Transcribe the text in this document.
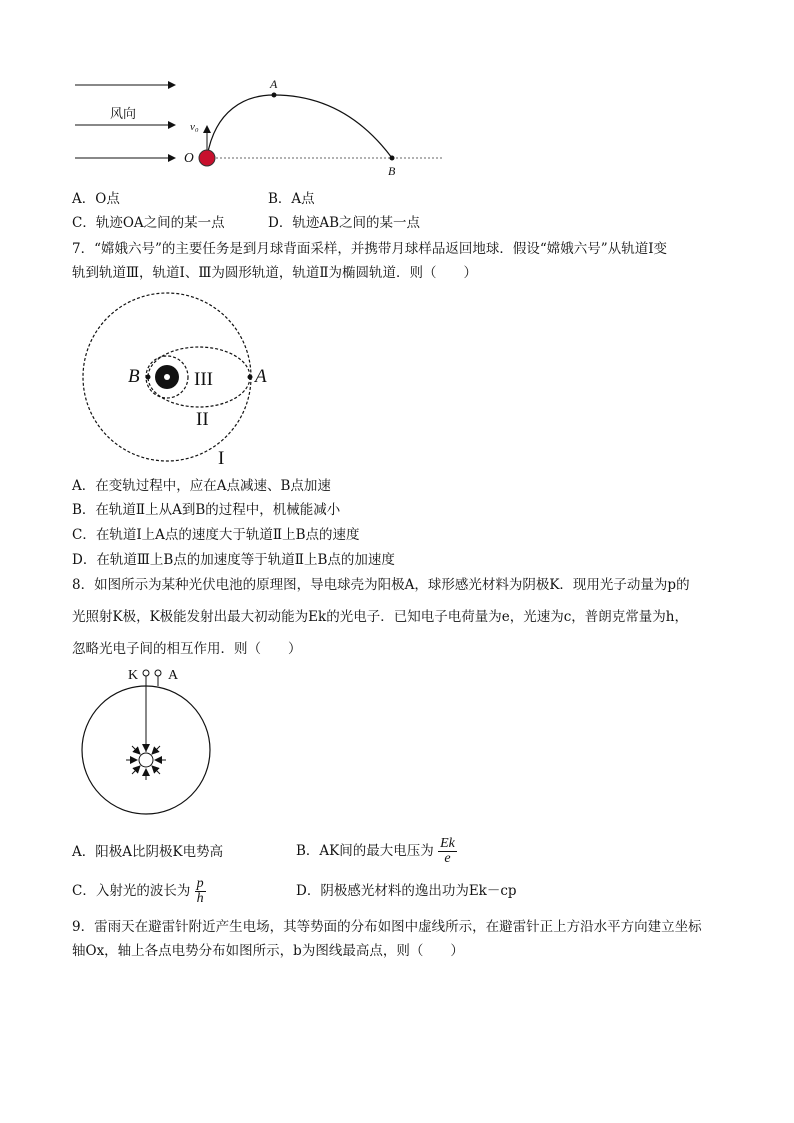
风向
v₀
O
A
B
A．O点	B．A点
C．轨迹OA之间的某一点	D．轨迹AB之间的某一点
7．“嫦娥六号”的主要任务是到月球背面采样，并携带月球样品返回地球．假设“嫦娥六号”从轨道Ⅰ变
轨到轨道Ⅲ，轨道Ⅰ、Ⅲ为圆形轨道，轨道Ⅱ为椭圆轨道．则（　　）
B	A
III
II
I
A．在变轨过程中，应在A点减速、B点加速
B．在轨道Ⅱ上从A到B的过程中，机械能减小
C．在轨道Ⅰ上A点的速度大于轨道Ⅱ上B点的速度
D．在轨道Ⅲ上B点的加速度等于轨道Ⅱ上B点的加速度
8．如图所示为某种光伏电池的原理图，导电球壳为阳极A，球形感光材料为阴极K．现用光子动量为p的
光照射K极，K极能发射出最大初动能为Ek的光电子．已知电子电荷量为e，光速为c，普朗克常量为h，
忽略光电子间的相互作用．则（　　）
K A
A．阳极A比阴极K电势高	B．AK间的最大电压为 $\frac{Ek}{e}$
C．入射光的波长为 $\frac{p}{h}$	D．阴极感光材料的逸出功为Ek－cp
9．雷雨天在避雷针附近产生电场，其等势面的分布如图中虚线所示，在避雷针正上方沿水平方向建立坐标
轴Ox，轴上各点电势分布如图所示，b为图线最高点，则（　　）
